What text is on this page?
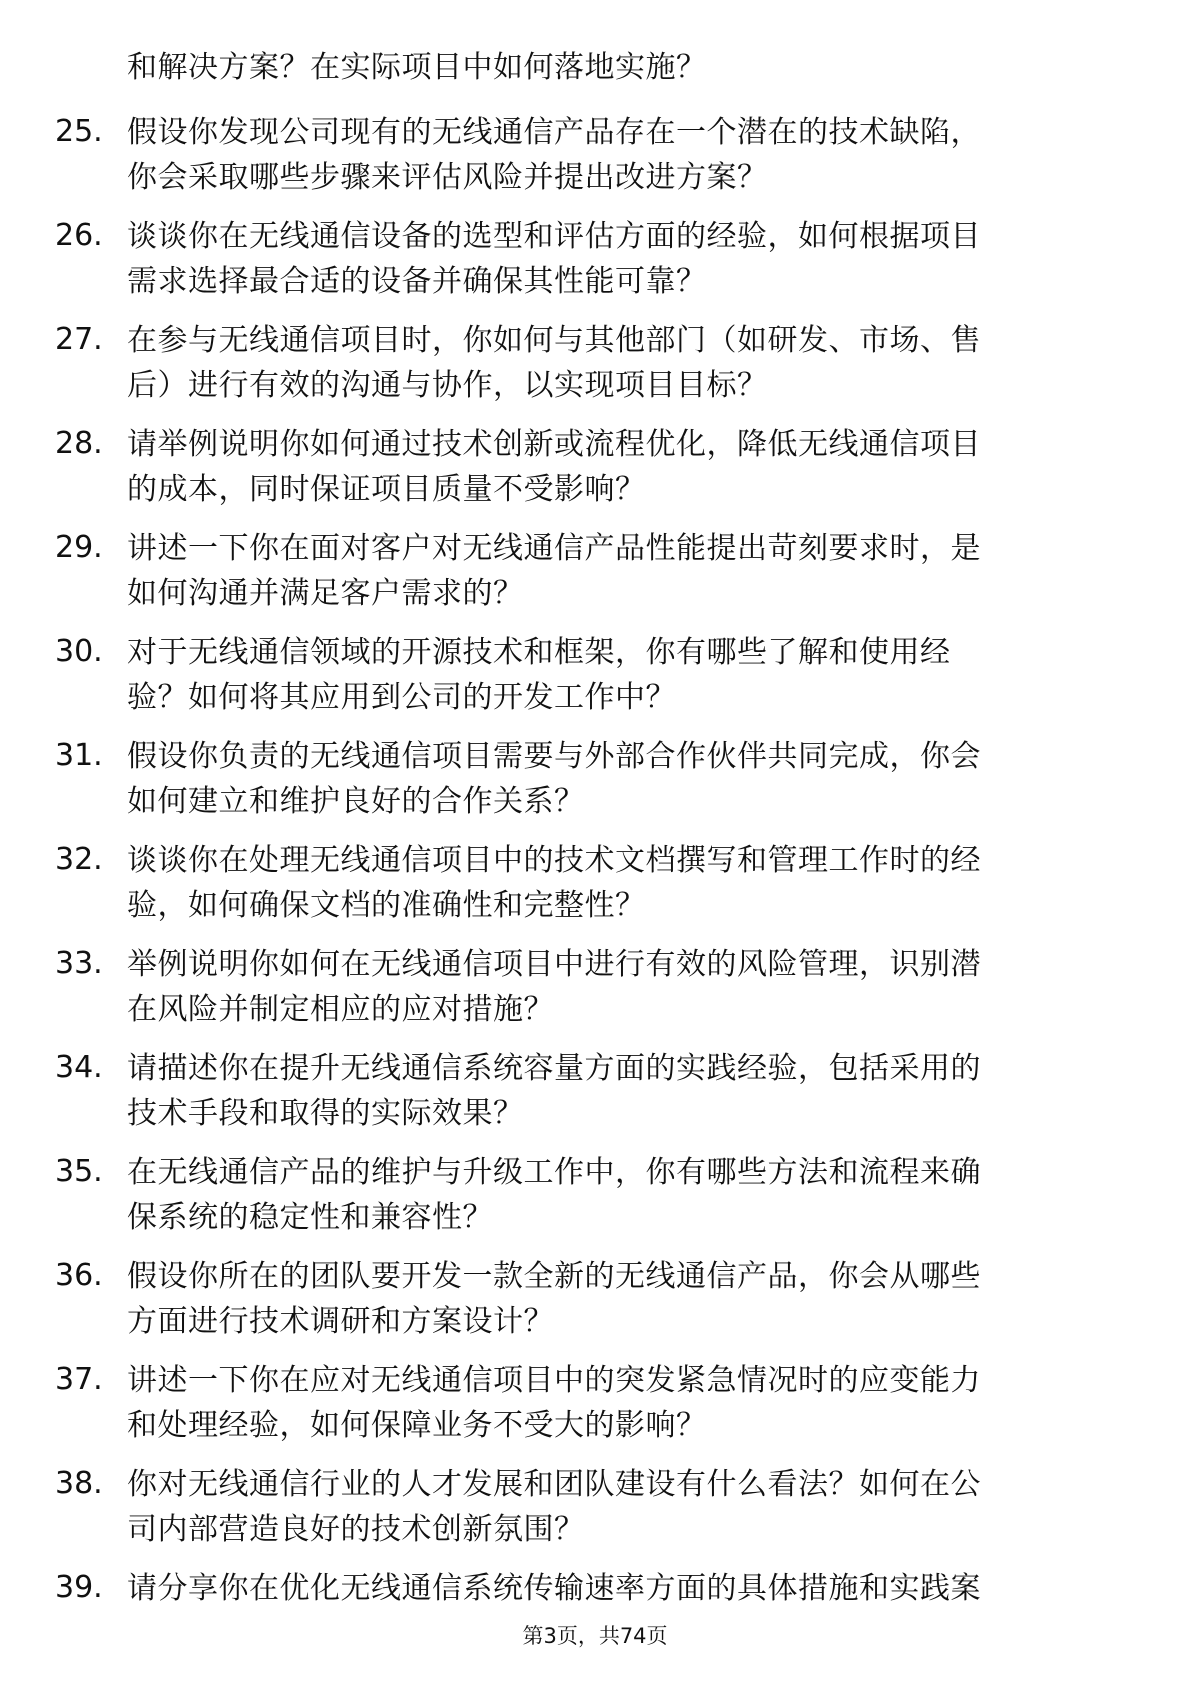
和解决方案？在实际项目中如何落地实施？
25. 假设你发现公司现有的无线通信产品存在一个潜在的技术缺陷，
你会采取哪些步骤来评估风险并提出改进方案？
26. 谈谈你在无线通信设备的选型和评估方面的经验，如何根据项目
需求选择最合适的设备并确保其性能可靠？
27. 在参与无线通信项目时，你如何与其他部门（如研发、市场、售
后）进行有效的沟通与协作，以实现项目目标？
28. 请举例说明你如何通过技术创新或流程优化，降低无线通信项目
的成本，同时保证项目质量不受影响？
29. 讲述一下你在面对客户对无线通信产品性能提出苛刻要求时，是
如何沟通并满足客户需求的？
30. 对于无线通信领域的开源技术和框架，你有哪些了解和使用经
验？如何将其应用到公司的开发工作中？
31. 假设你负责的无线通信项目需要与外部合作伙伴共同完成，你会
如何建立和维护良好的合作关系？
32. 谈谈你在处理无线通信项目中的技术文档撰写和管理工作时的经
验，如何确保文档的准确性和完整性？
33. 举例说明你如何在无线通信项目中进行有效的风险管理，识别潜
在风险并制定相应的应对措施？
34. 请描述你在提升无线通信系统容量方面的实践经验，包括采用的
技术手段和取得的实际效果？
35. 在无线通信产品的维护与升级工作中，你有哪些方法和流程来确
保系统的稳定性和兼容性？
36. 假设你所在的团队要开发一款全新的无线通信产品，你会从哪些
方面进行技术调研和方案设计？
37. 讲述一下你在应对无线通信项目中的突发紧急情况时的应变能力
和处理经验，如何保障业务不受大的影响？
38. 你对无线通信行业的人才发展和团队建设有什么看法？如何在公
司内部营造良好的技术创新氛围？
39. 请分享你在优化无线通信系统传输速率方面的具体措施和实践案
第3页，共74页
